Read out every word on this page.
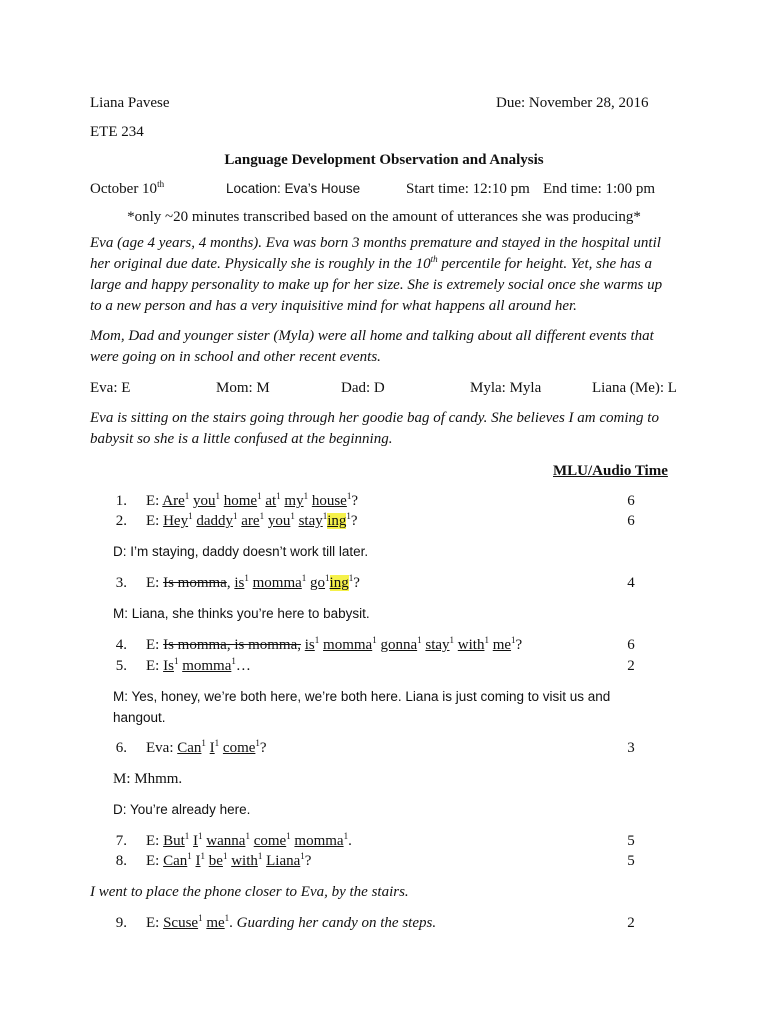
Liana Pavese	Due: November 28, 2016
ETE 234
Language Development Observation and Analysis
October 10th	Location: Eva’s House	Start time: 12:10 pm End time: 1:00 pm
*only ~20 minutes transcribed based on the amount of utterances she was producing*
Eva (age 4 years, 4 months). Eva was born 3 months premature and stayed in the hospital until her original due date. Physically she is roughly in the 10th percentile for height. Yet, she has a large and happy personality to make up for her size. She is extremely social once she warms up to a new person and has a very inquisitive mind for what happens all around her.
Mom, Dad and younger sister (Myla) were all home and talking about all different events that were going on in school and other recent events.
Eva: E	Mom: M	Dad: D	Myla: Myla	Liana (Me): L
Eva is sitting on the stairs going through her goodie bag of candy. She believes I am coming to babysit so she is a little confused at the beginning.
MLU/Audio Time
1. E: Are$^1$ you$^1$ home$^1$ $at^1$ $my^1$ house$^1$?	6
2. E: Hey$^1$ daddy$^1$ are$^1$ you$^1$ stay$^1$ing$^1$?	6
D: I’m staying, daddy doesn’t work till later.
3. E: Is momma, $is^1$ momma$^1$ $go^1ing^1$?	4
M: Liana, she thinks you’re here to babysit.
4. E: Is momma, is momma, $is^1$ momma$^1$ gonna$^1$ stay$^1$ with$^1$ $me^1$?	6
5. E: Is$^1$ momma$^1$…	2
M: Yes, honey, we’re both here, we’re both here. Liana is just coming to visit us and hangout.
6. Eva: Can$^1$ $I^1$ come$^1$?	3
M: Mhmm.
D: You’re already here.
7. E: But$^1$ $I^1$ wanna$^1$ come$^1$ momma$^1$.	5
8. E: Can$^1$ $I^1$ $be^1$ with$^1$ Liana$^1$?	5
I went to place the phone closer to Eva, by the stairs.
9. E: Scuse$^1$ $me^1$. Guarding her candy on the steps.	2
